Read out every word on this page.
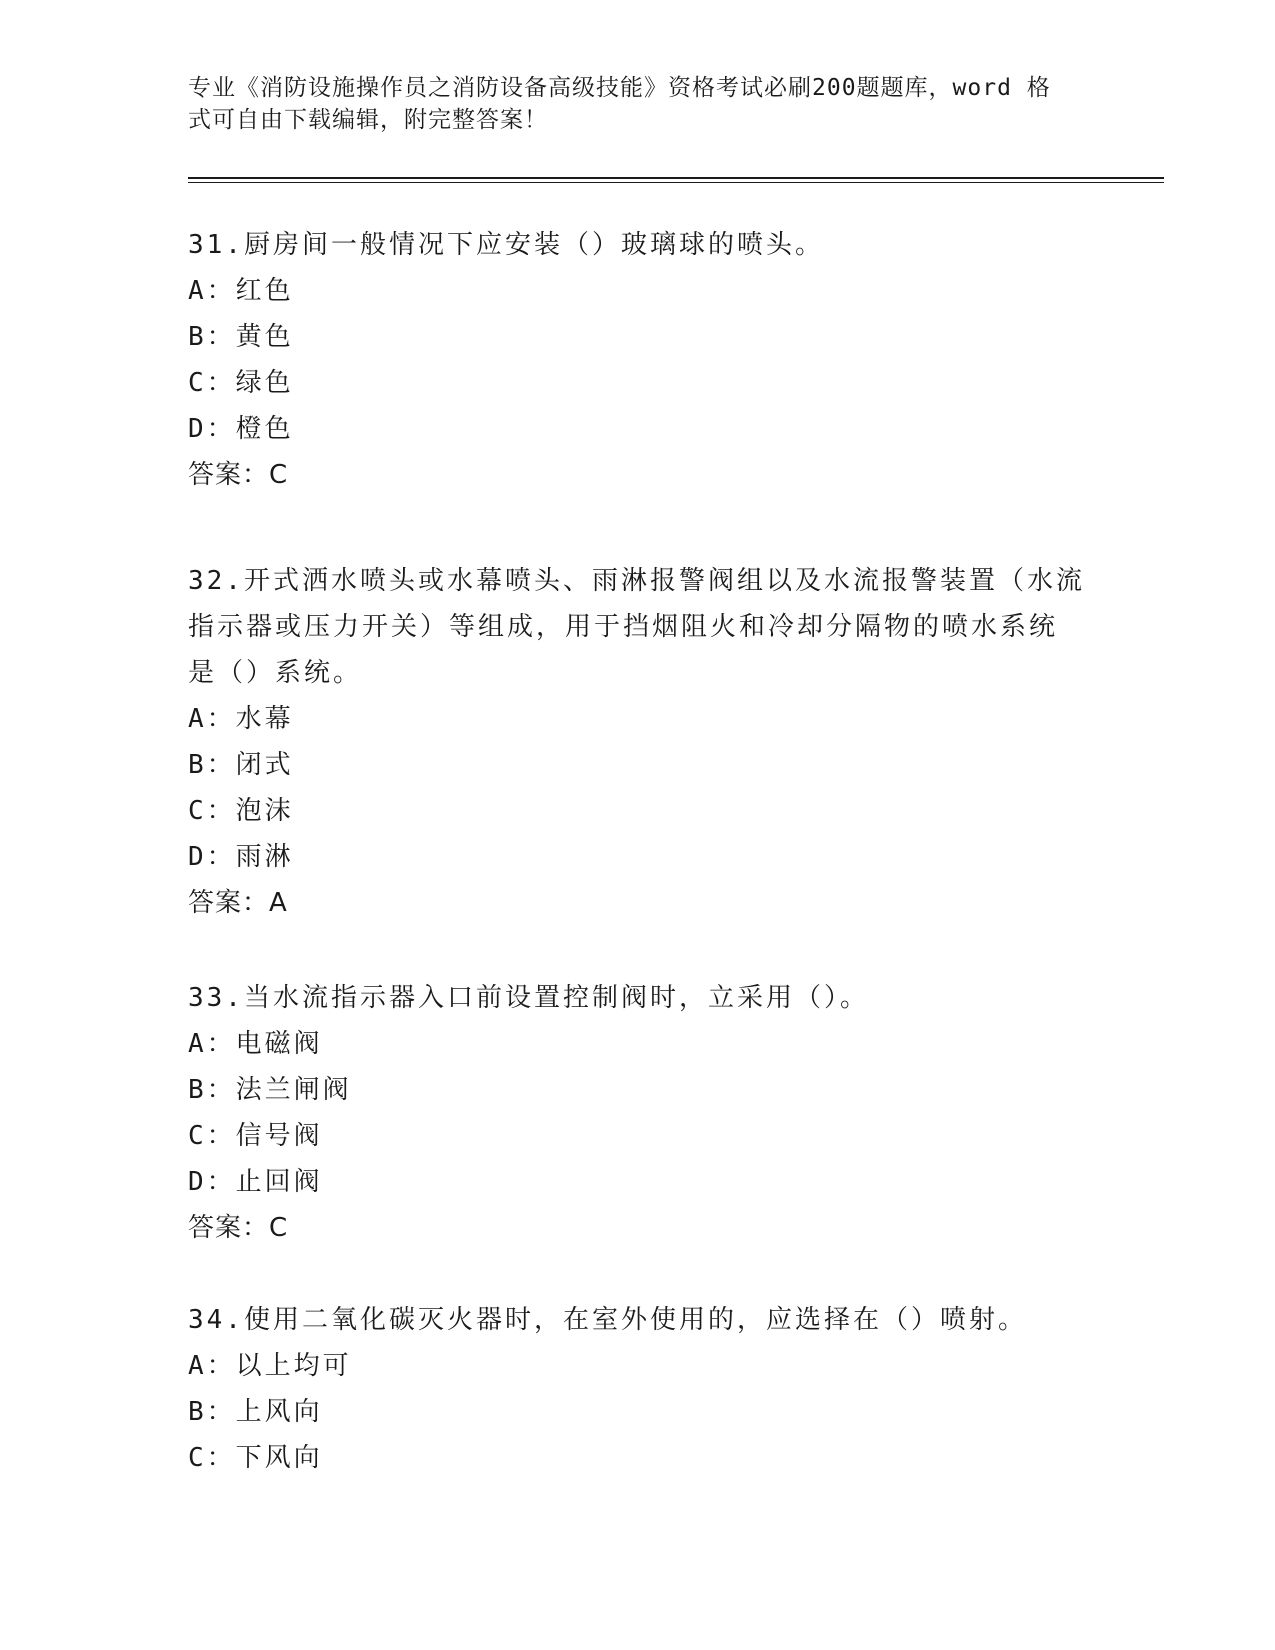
专业《消防设施操作员之消防设备高级技能》资格考试必刷200题题库，word 格
式可自由下载编辑，附完整答案！
31.厨房间一般情况下应安装（）玻璃球的喷头。
A：红色
B：黄色
C：绿色
D：橙色
答案：C
32.开式洒水喷头或水幕喷头、雨淋报警阀组以及水流报警装置（水流
指示器或压力开关）等组成，用于挡烟阻火和冷却分隔物的喷水系统
是（）系统。
A：水幕
B：闭式
C：泡沫
D：雨淋
答案：A
33.当水流指示器入口前设置控制阀时，立采用（）。
A：电磁阀
B：法兰闸阀
C：信号阀
D：止回阀
答案：C
34.使用二氧化碳灭火器时，在室外使用的，应选择在（）喷射。
A：以上均可
B：上风向
C：下风向
